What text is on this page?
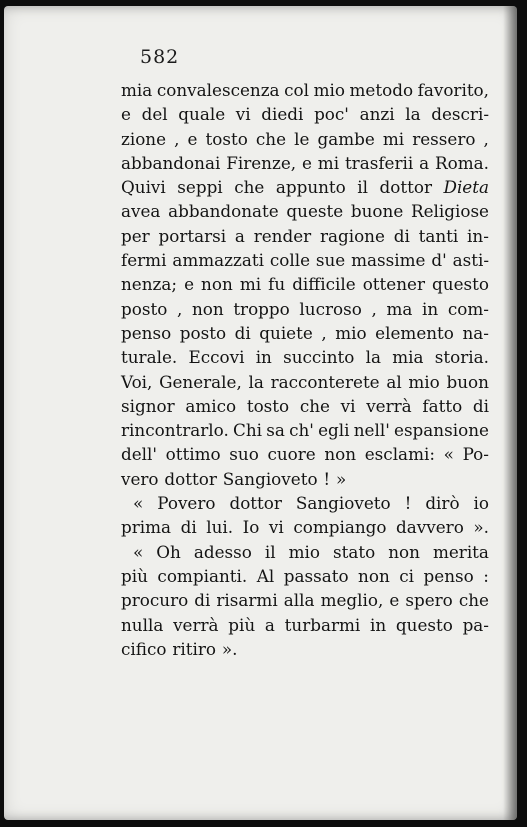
582
mia convalescenza col mio metodo favorito,
e del quale vi diedi poc' anzi la descri-
zione , e tosto che le gambe mi ressero ,
abbandonai Firenze, e mi trasferii a Roma.
Quivi seppi che appunto il dottor Dieta
avea abbandonate queste buone Religiose
per portarsi a render ragione di tanti in-
fermi ammazzati colle sue massime d' asti-
nenza; e non mi fu difficile ottener questo
posto , non troppo lucroso , ma in com-
penso posto di quiete , mio elemento na-
turale. Eccovi in succinto la mia storia.
Voi, Generale, la racconterete al mio buon
signor amico tosto che vi verrà fatto di
rincontrarlo. Chi sa ch' egli nell' espansione
dell' ottimo suo cuore non esclami: « Po-
vero dottor Sangioveto ! »
« Povero dottor Sangioveto ! dirò io
prima di lui. Io vi compiango davvero ».
« Oh adesso il mio stato non merita
più compianti. Al passato non ci penso :
procuro di risarmi alla meglio, e spero che
nulla verrà più a turbarmi in questo pa-
cifico ritiro ».
